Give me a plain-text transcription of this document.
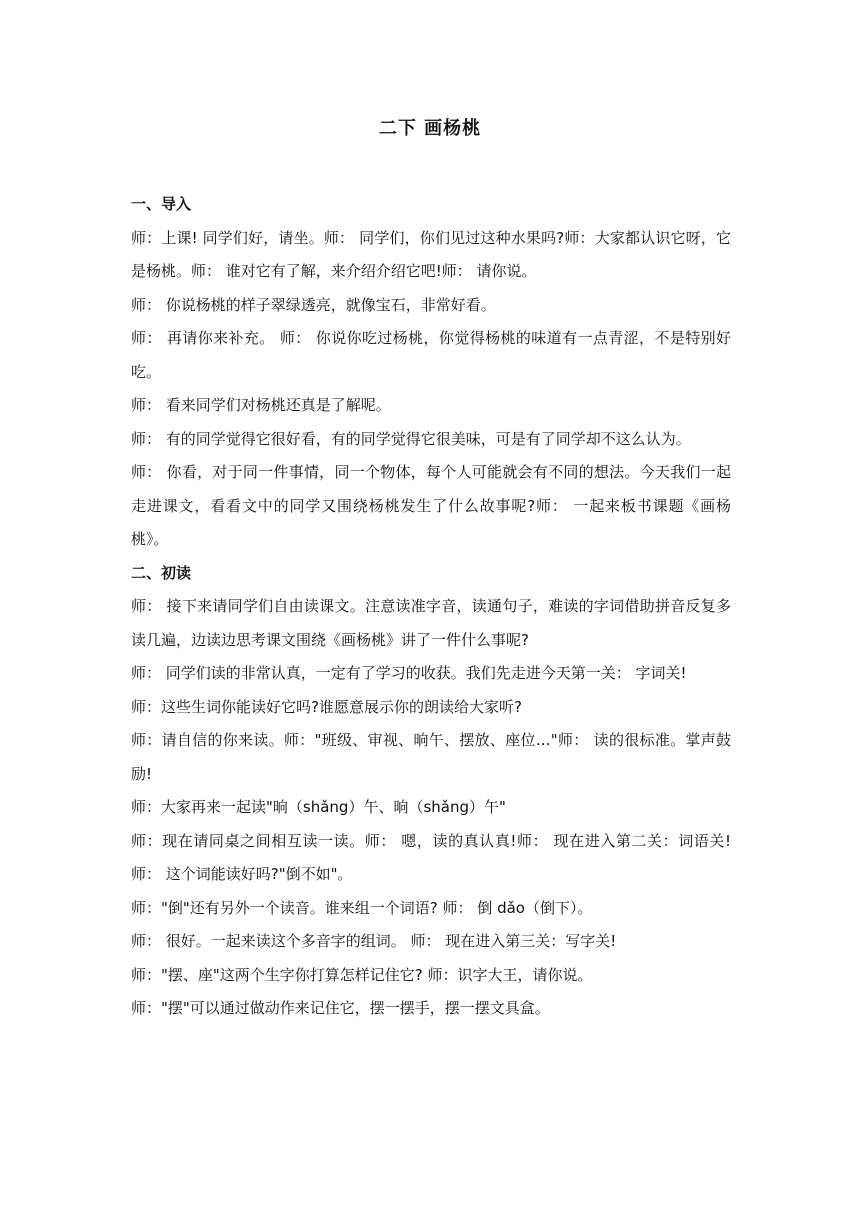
二下 画杨桃
一、导入

师：上课! 同学们好，请坐。师： 同学们，你们见过这种水果吗?师：大家都认识它呀，它是杨桃。师： 谁对它有了解，来介绍介绍它吧!师： 请你说。

师： 你说杨桃的样子翠绿透亮，就像宝石，非常好看。

师： 再请你来补充。 师： 你说你吃过杨桃，你觉得杨桃的味道有一点青涩，不是特别好吃。

师： 看来同学们对杨桃还真是了解呢。

师： 有的同学觉得它很好看，有的同学觉得它很美味，可是有了同学却不这么认为。

师： 你看，对于同一件事情，同一个物体，每个人可能就会有不同的想法。今天我们一起走进课文，看看文中的同学又围绕杨桃发生了什么故事呢?师： 一起来板书课题《画杨桃》。

二、初读

师： 接下来请同学们自由读课文。注意读准字音，读通句子，难读的字词借助拼音反复多读几遍，边读边思考课文围绕《画杨桃》讲了一件什么事呢?

师： 同学们读的非常认真，一定有了学习的收获。我们先走进今天第一关： 字词关!

师：这些生词你能读好它吗?谁愿意展示你的朗读给大家听?

师：请自信的你来读。师："班级、审视、晌午、摆放、座位…"师： 读的很标准。掌声鼓励!

师：大家再来一起读"晌（shǎng）午、晌（shǎng）午"

师：现在请同桌之间相互读一读。师： 嗯，读的真认真!师： 现在进入第二关：词语关!师： 这个词能读好吗?"倒不如"。

师："倒"还有另外一个读音。谁来组一个词语? 师： 倒 dǎo（倒下）。

师： 很好。一起来读这个多音字的组词。 师： 现在进入第三关：写字关!

师："摆、座"这两个生字你打算怎样记住它? 师：识字大王，请你说。

师："摆"可以通过做动作来记住它，摆一摆手，摆一摆文具盒。
